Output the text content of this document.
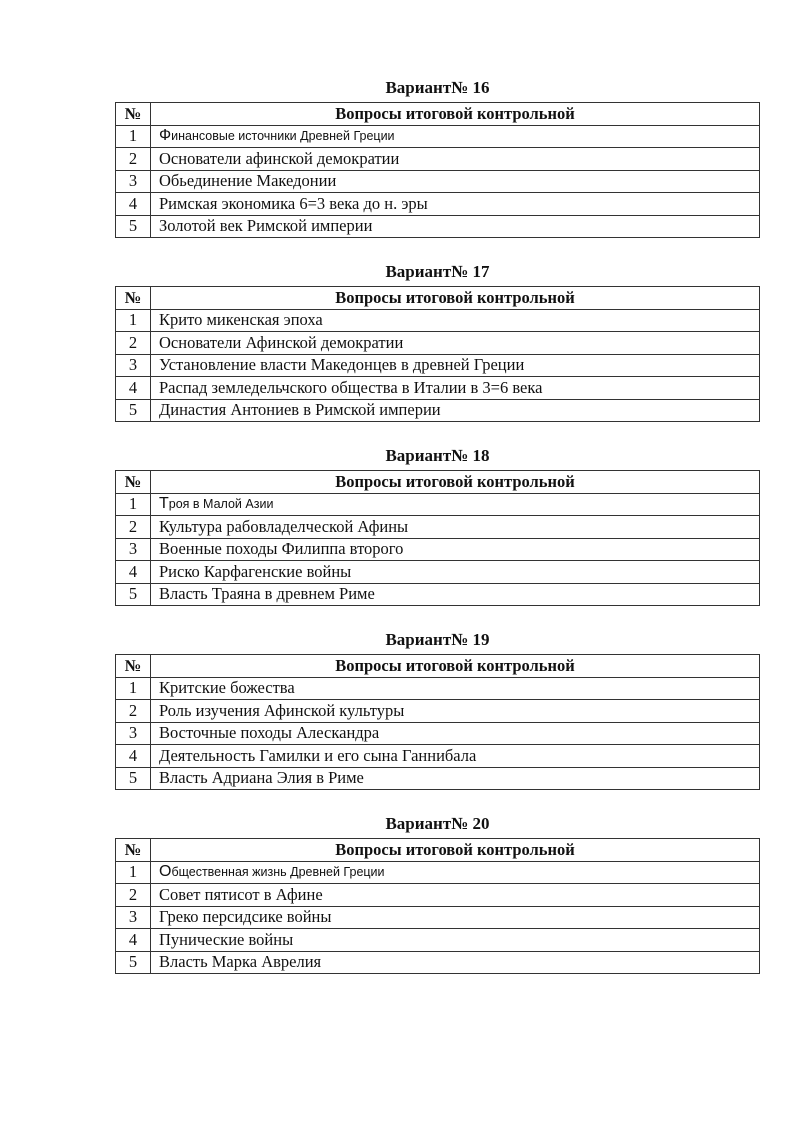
Вариант№ 16
№	Вопросы итоговой контрольной
1	Финансовые источники Древней Греции
2	Основатели афинской демократии
3	Обьединение Македонии
4	Римская экономика 6=3 века до н. эры
5	Золотой век Римской империи
Вариант№ 17
№	Вопросы итоговой контрольной
1	Крито микенская эпоха
2	Основатели Афинской демократии
3	Установление власти Македонцев в древней Греции
4	Распад земледельчского общества в Италии в 3=6 века
5	Династия Антониев в Римской империи
Вариант№ 18
№	Вопросы итоговой контрольной
1	Троя в Малой Азии
2	Культура рабовладелческой Афины
3	Военные походы Филиппа второго
4	Риско Карфагенские войны
5	Власть Траяна в древнем Риме
Вариант№ 19
№	Вопросы итоговой контрольной
1	Критские божества
2	Роль изучения Афинской культуры
3	Восточные походы Алескандра
4	Деятельность Гамилки и его сына Ганнибала
5	Власть Адриана Элия в Риме
Вариант№ 20
№	Вопросы итоговой контрольной
1	Общественная жизнь Древней Греции
2	Совет пятисот в Афине
3	Греко персидсике войны
4	Пунические войны
5	Власть Марка Аврелия
